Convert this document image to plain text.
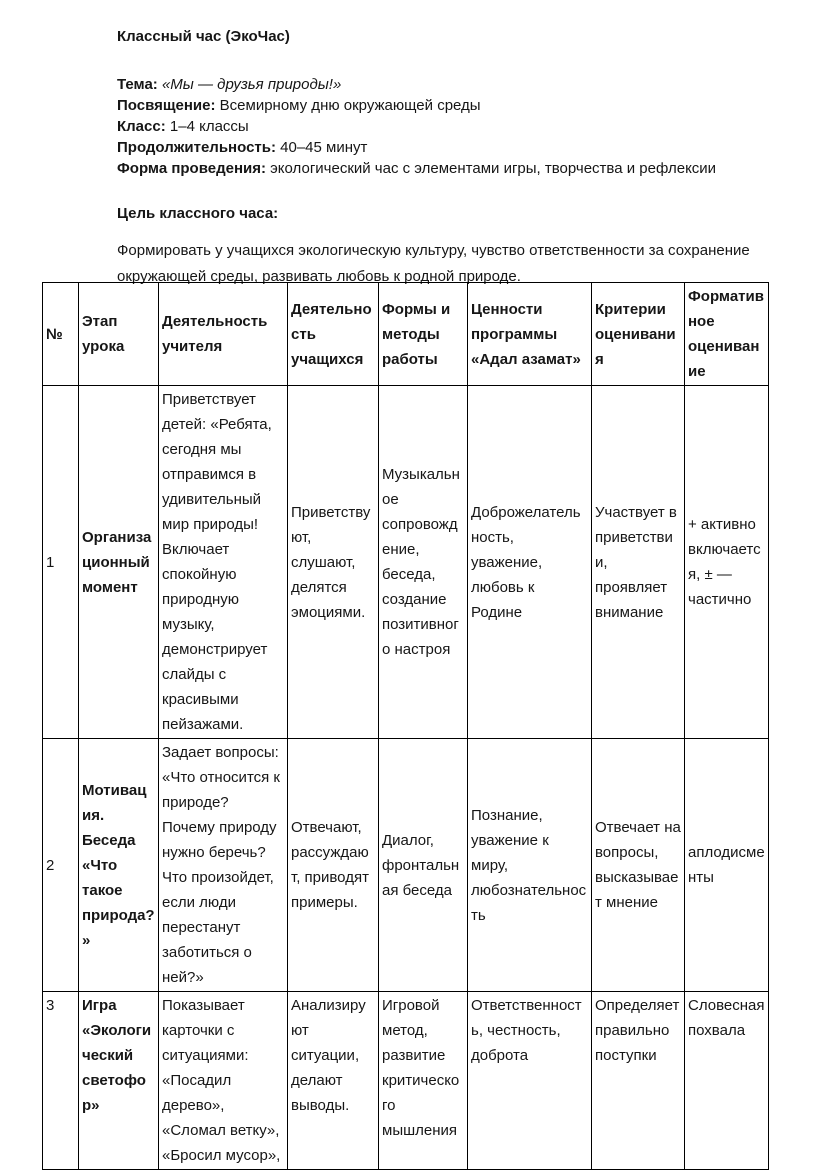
Классный час (ЭкоЧас)

Тема: «Мы — друзья природы!»

Посвящение: Всемирному дню окружающей среды

Класс: 1–4 классы

Продолжительность: 40–45 минут

Форма проведения: экологический час с элементами игры, творчества и рефлексии

Цель классного часа:

Формировать у учащихся экологическую культуру, чувство ответственности за сохранение окружающей среды, развивать любовь к родной природе.

№	Этап урока	Деятельность учителя	Деятельность учащихся	Формы и методы работы	Ценности программы «Адал азамат»	Критерии оценивания	Формативное оценивание
1	Организационный момент	Приветствует детей: «Ребята, сегодня мы отправимся в удивительный мир природы! Включает спокойную природную музыку, демонстрирует слайды с красивыми пейзажами.	Приветствуют, слушают, делятся эмоциями.	Музыкальное сопровождение, беседа, создание позитивного настроя	Доброжелательность, уважение, любовь к Родине	Участвует в приветствии, проявляет внимание	+ активно включается, ± — частично
2	Мотивация. Беседа «Что такое природа?»	Задает вопросы: «Что относится к природе? Почему природу нужно беречь? Что произойдет, если люди перестанут заботиться о ней?»	Отвечают, рассуждают, приводят примеры.	Диалог, фронтальная беседа	Познание, уважение к миру, любознательность	Отвечает на вопросы, высказывает мнение	аплодисменты
3	Игра «Экологический светофор»	Показывает карточки с ситуациями: «Посадил дерево», «Сломал ветку», «Бросил мусор»,	Анализируют ситуации, делают выводы.	Игровой метод, развитие критического мышления	Ответственность, честность, доброта	Определяет правильно поступки	Словесная похвала
